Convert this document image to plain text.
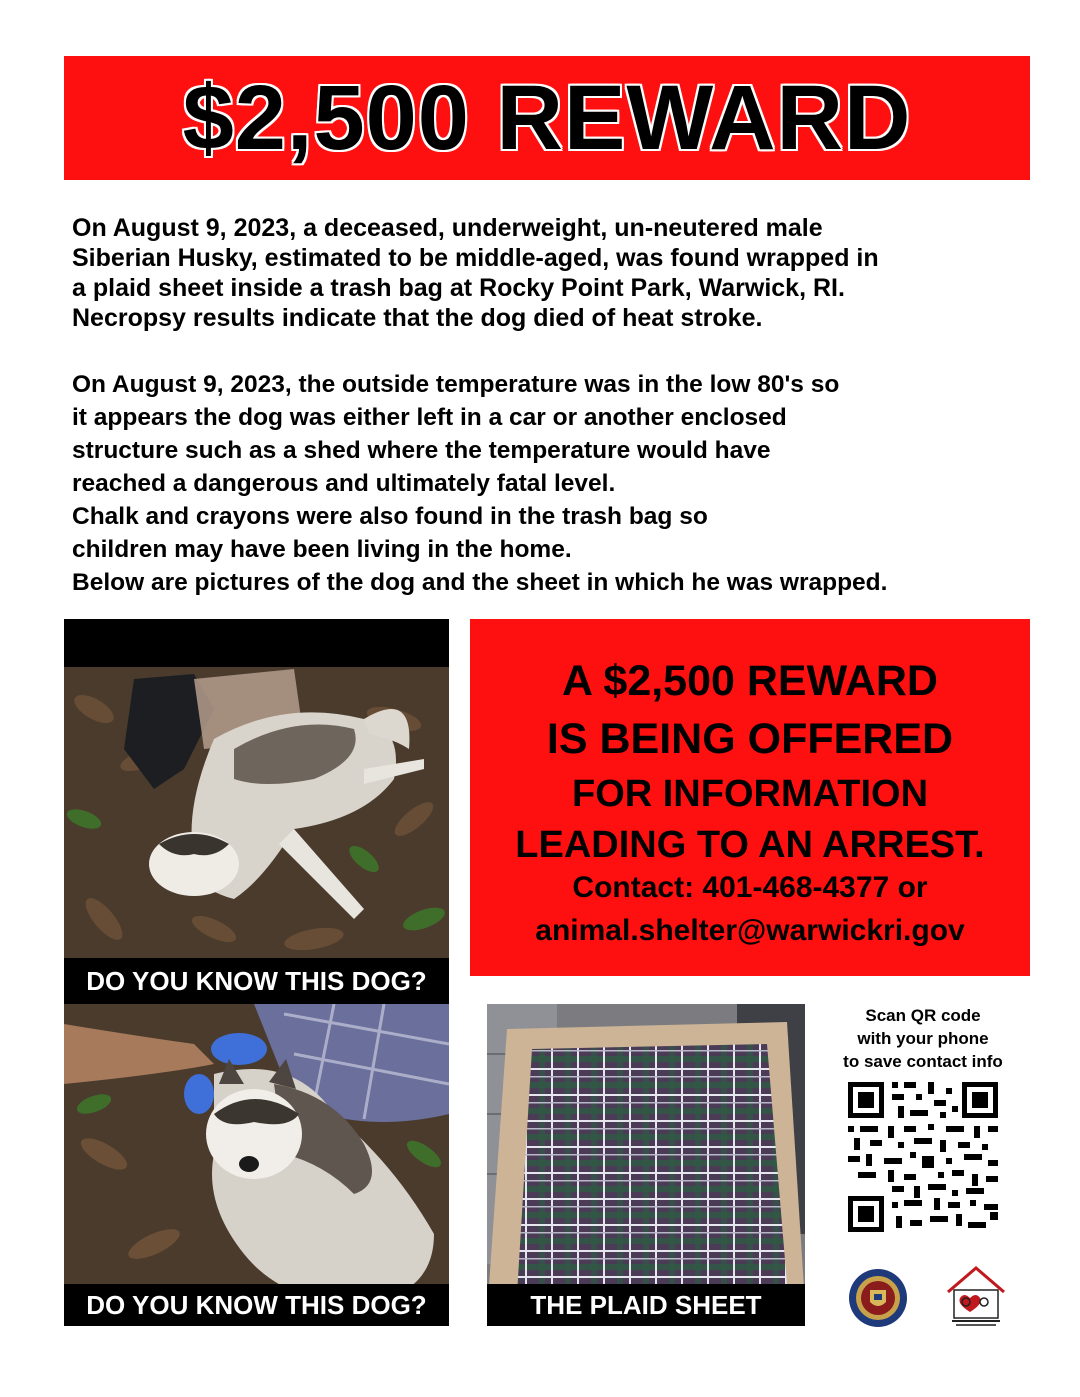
$2,500 REWARD
On August 9, 2023, a deceased, underweight, un-neutered male
Siberian Husky, estimated to be middle-aged, was found wrapped in
a plaid sheet inside a trash bag at Rocky Point Park, Warwick, RI.
Necropsy results indicate that the dog died of heat stroke.
On August 9, 2023, the outside temperature was in the low 80's so
it appears the dog was either left in a car or another enclosed
structure such as a shed where the temperature would have
reached a dangerous and ultimately fatal level.
Chalk and crayons were also found in the trash bag so
children may have been living in the home.
Below are pictures of the dog and the sheet in which he was wrapped.
DO YOU KNOW THIS DOG?
A $2,500 REWARD
IS BEING OFFERED
FOR INFORMATION
LEADING TO AN ARREST.
Contact: 401-468-4377 or
animal.shelter@warwickri.gov
DO YOU KNOW THIS DOG?	THE PLAID SHEET
Scan QR code
with your phone
to save contact info
